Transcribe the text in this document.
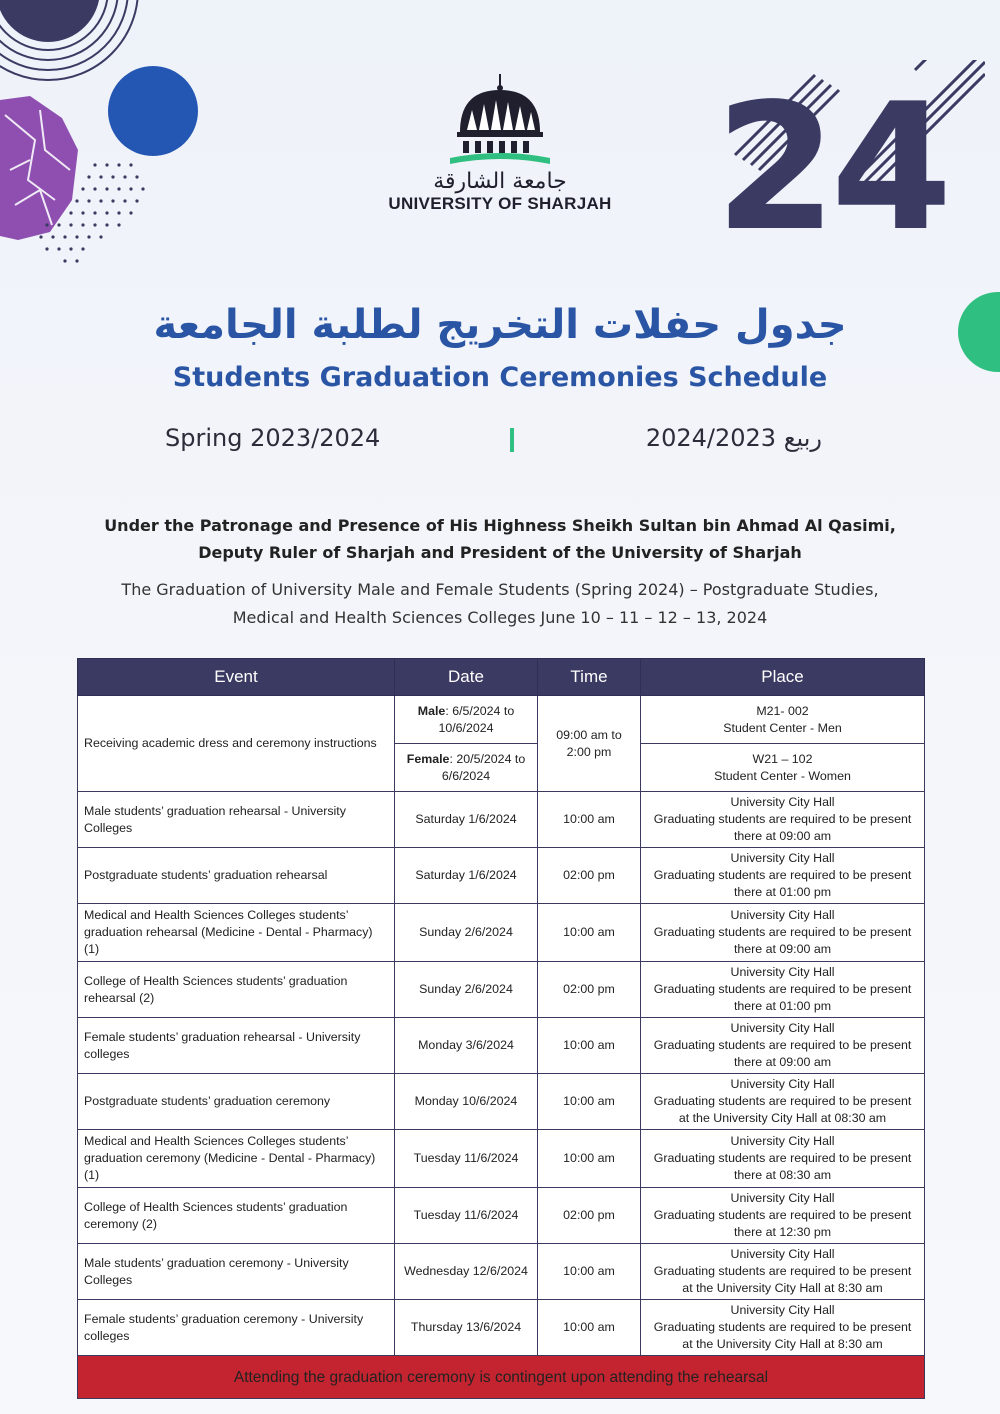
24
جامعة الشارقة
UNIVERSITY OF SHARJAH
جدول حفلات التخريج لطلبة الجامعة
Students Graduation Ceremonies Schedule
Spring 2023/2024	ربيع 2024/2023
Under the Patronage and Presence of His Highness Sheikh Sultan bin Ahmad Al Qasimi,
Deputy Ruler of Sharjah and President of the University of Sharjah
The Graduation of University Male and Female Students (Spring 2024) – Postgraduate Studies,
Medical and Health Sciences Colleges June 10 – 11 – 12 – 13, 2024
Event	Date	Time	Place
Receiving academic dress and ceremony instructions	Male: 6/5/2024 to 10/6/2024	09:00 am to 2:00 pm	M21- 002
Student Center - Men

	Female: 20/5/2024 to 6/6/2024		W21 – 102
Student Center - Women

Male students’ graduation rehearsal - University Colleges	Saturday 1/6/2024	10:00 am	University City Hall
Graduating students are required to be present there at 09:00 am

Postgraduate students’ graduation rehearsal	Saturday 1/6/2024	02:00 pm	University City Hall
Graduating students are required to be present there at 01:00 pm

Medical and Health Sciences Colleges students’ graduation rehearsal (Medicine - Dental - Pharmacy) (1)	Sunday 2/6/2024	10:00 am	University City Hall
Graduating students are required to be present there at 09:00 am

College of Health Sciences students’ graduation rehearsal (2)	Sunday 2/6/2024	02:00 pm	University City Hall
Graduating students are required to be present there at 01:00 pm

Female students’ graduation rehearsal - University colleges	Monday 3/6/2024	10:00 am	University City Hall
Graduating students are required to be present there at 09:00 am

Postgraduate students’ graduation ceremony	Monday 10/6/2024	10:00 am	University City Hall
Graduating students are required to be present at the University City Hall at 08:30 am

Medical and Health Sciences Colleges students’ graduation ceremony (Medicine - Dental - Pharmacy) (1)	Tuesday 11/6/2024	10:00 am	University City Hall
Graduating students are required to be present there at 08:30 am

College of Health Sciences students’ graduation ceremony (2)	Tuesday 11/6/2024	02:00 pm	University City Hall
Graduating students are required to be present there at 12:30 pm

Male students’ graduation ceremony - University Colleges	Wednesday 12/6/2024	10:00 am	University City Hall
Graduating students are required to be present at the University City Hall at 8:30 am

Female students’ graduation ceremony - University colleges	Thursday 13/6/2024	10:00 am	University City Hall
Graduating students are required to be present at the University City Hall at 8:30 am

Attending the graduation ceremony is contingent upon attending the rehearsal			
